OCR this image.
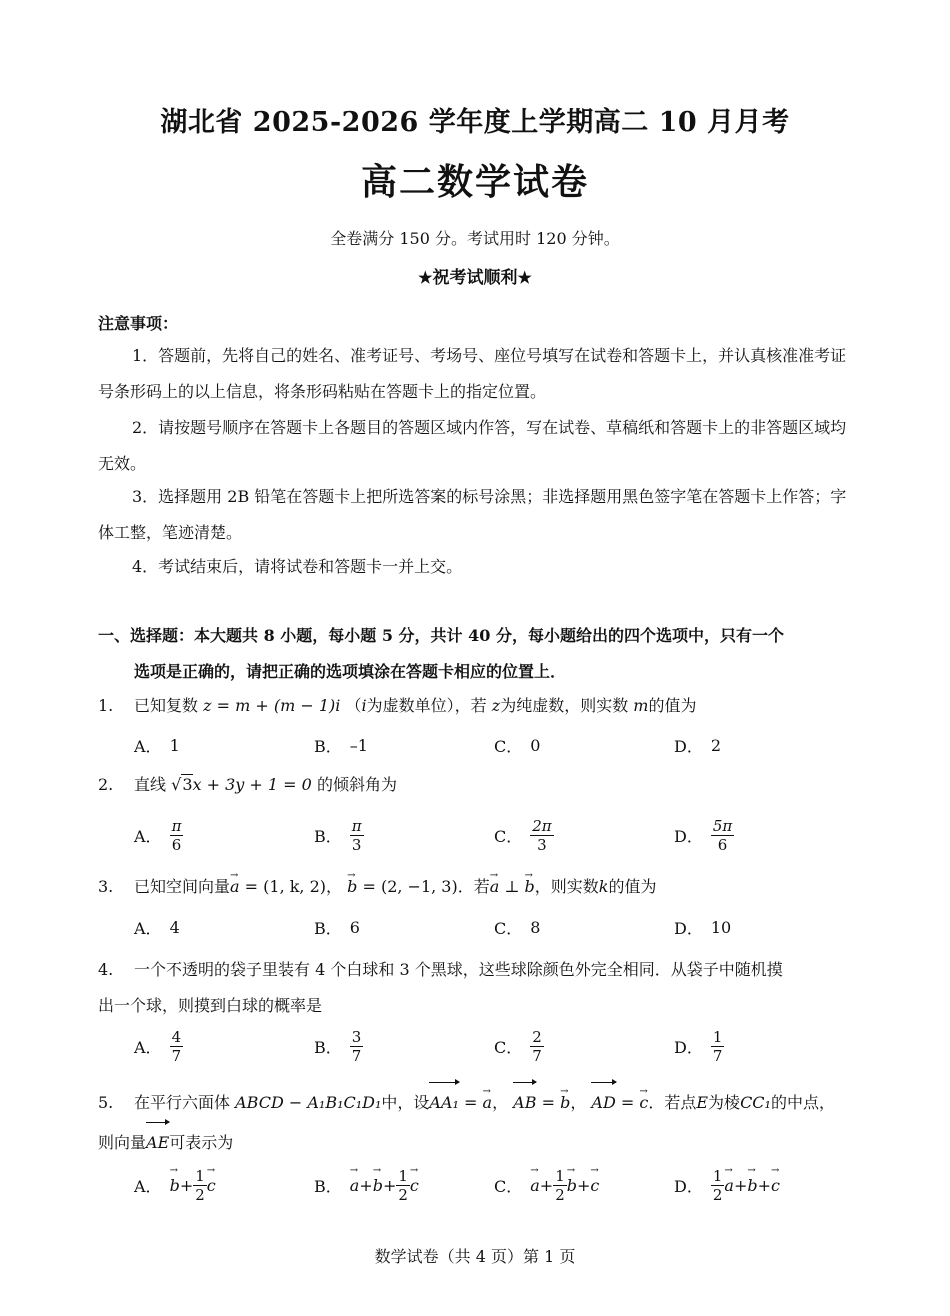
湖北省 2025-2026 学年度上学期高二 10 月月考
高二数学试卷
全卷满分 150 分。考试用时 120 分钟。
★祝考试顺利★
注意事项：

1．答题前，先将自己的姓名、准考证号、考场号、座位号填写在试卷和答题卡上，并认真核准准考证号条形码上的以上信息，将条形码粘贴在答题卡上的指定位置。

2．请按题号顺序在答题卡上各题目的答题区域内作答，写在试卷、草稿纸和答题卡上的非答题区域均无效。

3．选择题用 2B 铅笔在答题卡上把所选答案的标号涂黑；非选择题用黑色签字笔在答题卡上作答；字体工整，笔迹清楚。

4．考试结束后，请将试卷和答题卡一并上交。

一、选择题：本大题共 8 小题，每小题 5 分，共计 40 分，每小题给出的四个选项中，只有一个
选项是正确的，请把正确的选项填涂在答题卡相应的位置上．
1. 已知复数 z = m + (m − 1)i （i为虚数单位），若 z为纯虚数，则实数 m的值为
A． 1	B． –1	C． 0	D． 2
2. 直线 √3x + 3y + 1 = 0 的倾斜角为
A． $\frac{\pi}{6}$	B． $\frac{\pi}{3}$	C． $\frac{2\pi}{3}$	D． $\frac{5\pi}{6}$
3. 已知空间向量→ a = (1, k, 2)， → b = (2, −1, 3)．若→ a ⊥ → b，则实数k的值为
A． 4	B． 6	C． 8	D． 10
4. 一个不透明的袋子里装有 4 个白球和 3 个黑球，这些球除颜色外完全相同．从袋子中随机摸
出一个球，则摸到白球的概率是
A． $\frac{4}{7}$	B． $\frac{3}{7}$	C． $\frac{2}{7}$	D． $\frac{1}{7}$
5. 在平行六面体 ABCD − A₁B₁C₁D₁中，设AA₁ = → a， AB = → b， AD = → c．若点E为棱CC₁的中点，
则向量AE可表示为
A．
→ $b + \frac{1}{2}$
→ c	B．
→ a +
→ $b + \frac{1}{2}$
→ c	C．
→ $a + \frac{1}{2}$
→ b +
→ c	D． $\frac{1}{2}$
→ a +
→ b +
→ c
数学试卷（共 4 页）第 1 页
